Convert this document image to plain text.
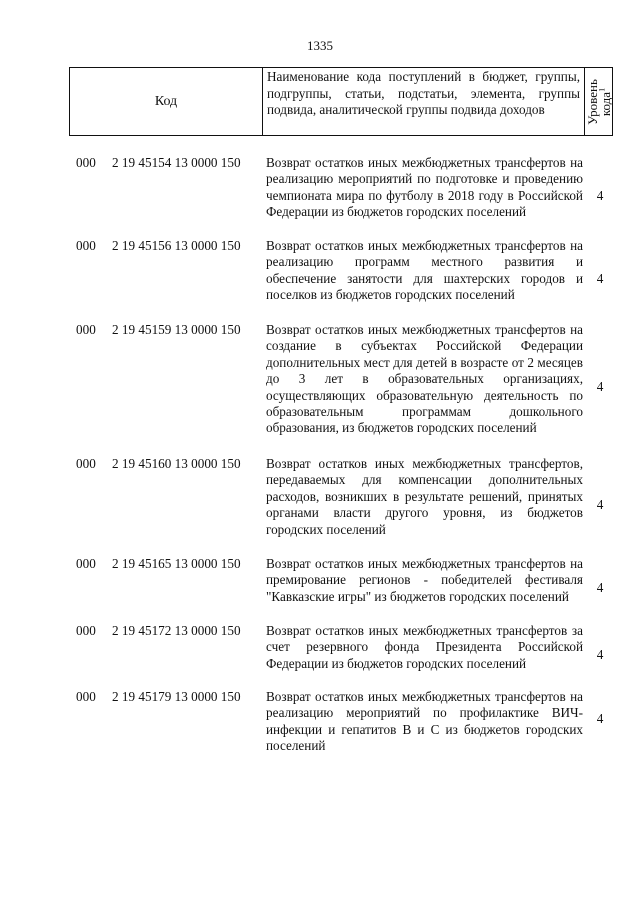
1335
Код
Наименование кода поступлений в бюджет, группы, подгруппы, статьи, подстатьи, элемента, группы подвида, аналитической группы подвида доходов	Уровень
кода$^1$
000 2 19 45154 13 0000 150 Возврат остатков иных межбюджетных трансфертов на реализацию мероприятий по подготовке и проведению чемпионата мира по футболу в 2018 году в Российской Федерации из бюджетов городских поселений
4
000 2 19 45156 13 0000 150 Возврат остатков иных межбюджетных трансфертов на реализацию программ местного развития и обеспечение занятости для шахтерских городов и поселков из бюджетов городских поселений
4
000 2 19 45159 13 0000 150 Возврат остатков иных межбюджетных трансфертов на создание в субъектах Российской Федерации дополнительных мест для детей в возрасте от 2 месяцев до 3 лет в образовательных организациях, осуществляющих образовательную деятельность по образовательным программам дошкольного образования, из бюджетов городских поселений
4
000 2 19 45160 13 0000 150 Возврат остатков иных межбюджетных трансфертов, передаваемых для компенсации дополнительных расходов, возникших в результате решений, принятых органами власти другого уровня, из бюджетов городских поселений
4
000 2 19 45165 13 0000 150 Возврат остатков иных межбюджетных трансфертов на премирование регионов - победителей фестиваля "Кавказские игры" из бюджетов городских поселений
4
000 2 19 45172 13 0000 150 Возврат остатков иных межбюджетных трансфертов за счет резервного фонда Президента Российской Федерации из бюджетов городских поселений
4
000 2 19 45179 13 0000 150 Возврат остатков иных межбюджетных трансфертов на реализацию мероприятий по профилактике ВИЧ-инфекции и гепатитов В и С из бюджетов городских поселений
4
